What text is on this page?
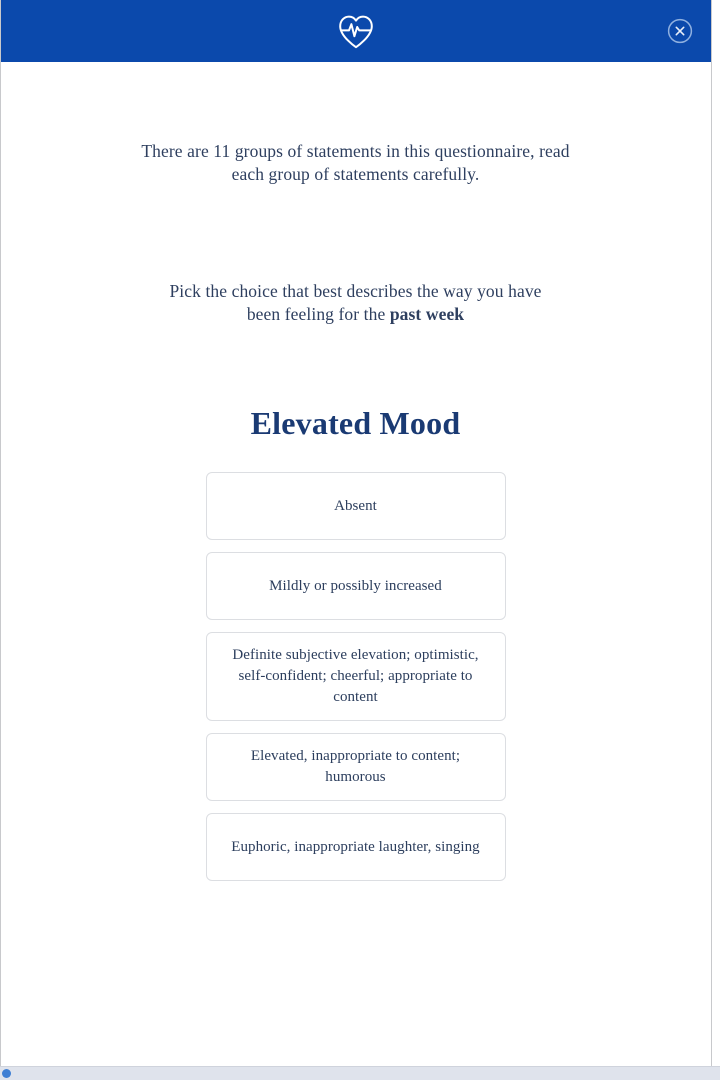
There are 11 groups of statements in this questionnaire, read each group of statements carefully.

Pick the choice that best describes the way you have been feeling for the past week

Elevated Mood
Absent
Mildly or possibly increased
Definite subjective elevation; optimistic, self-confident; cheerful; appropriate to content
Elevated, inappropriate to content; humorous
Euphoric, inappropriate laughter, singing
